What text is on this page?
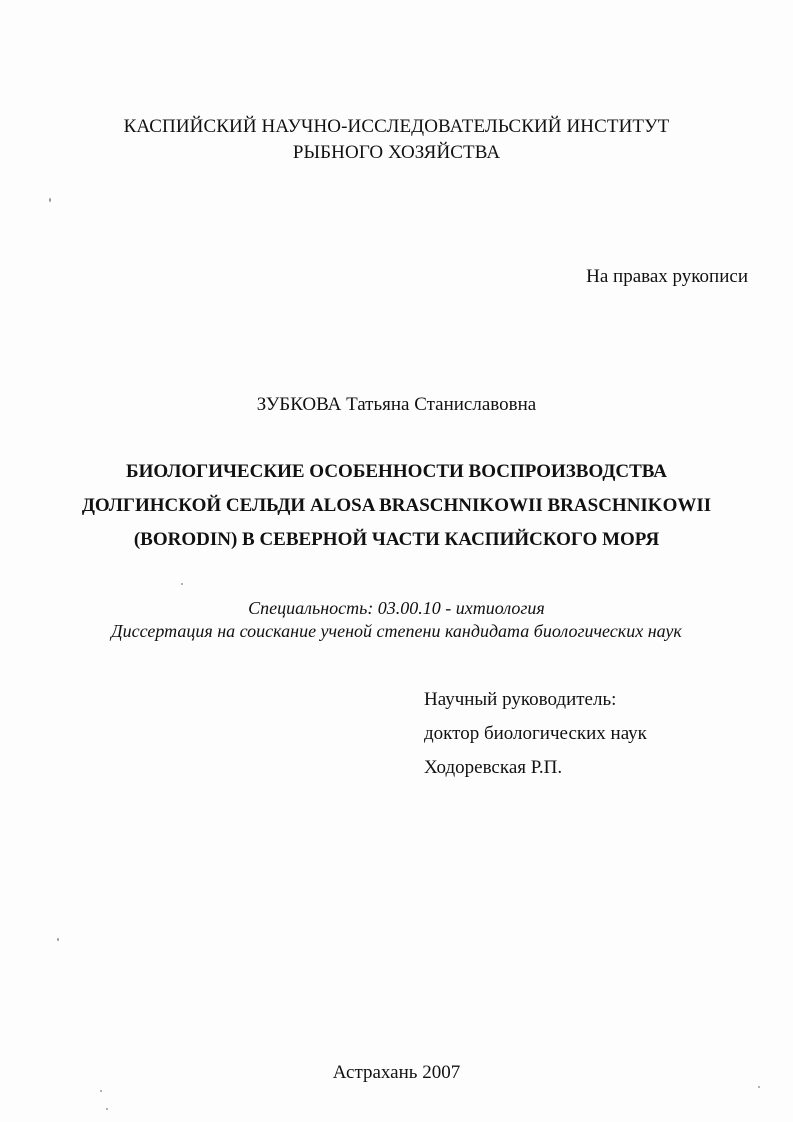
КАСПИЙСКИЙ НАУЧНО-ИССЛЕДОВАТЕЛЬСКИЙ ИНСТИТУТ
РЫБНОГО ХОЗЯЙСТВА
На правах рукописи
ЗУБКОВА Татьяна Станиславовна
БИОЛОГИЧЕСКИЕ ОСОБЕННОСТИ ВОСПРОИЗВОДСТВА
ДОЛГИНСКОЙ СЕЛЬДИ ALOSA BRASCHNIKOWII BRASCHNIKOWII
(BORODIN) В СЕВЕРНОЙ ЧАСТИ КАСПИЙСКОГО МОРЯ
Специальность: 03.00.10 - ихтиология
Диссертация на соискание ученой степени кандидата биологических наук
Научный руководитель:
доктор биологических наук
Ходоревская Р.П.
Астрахань 2007
